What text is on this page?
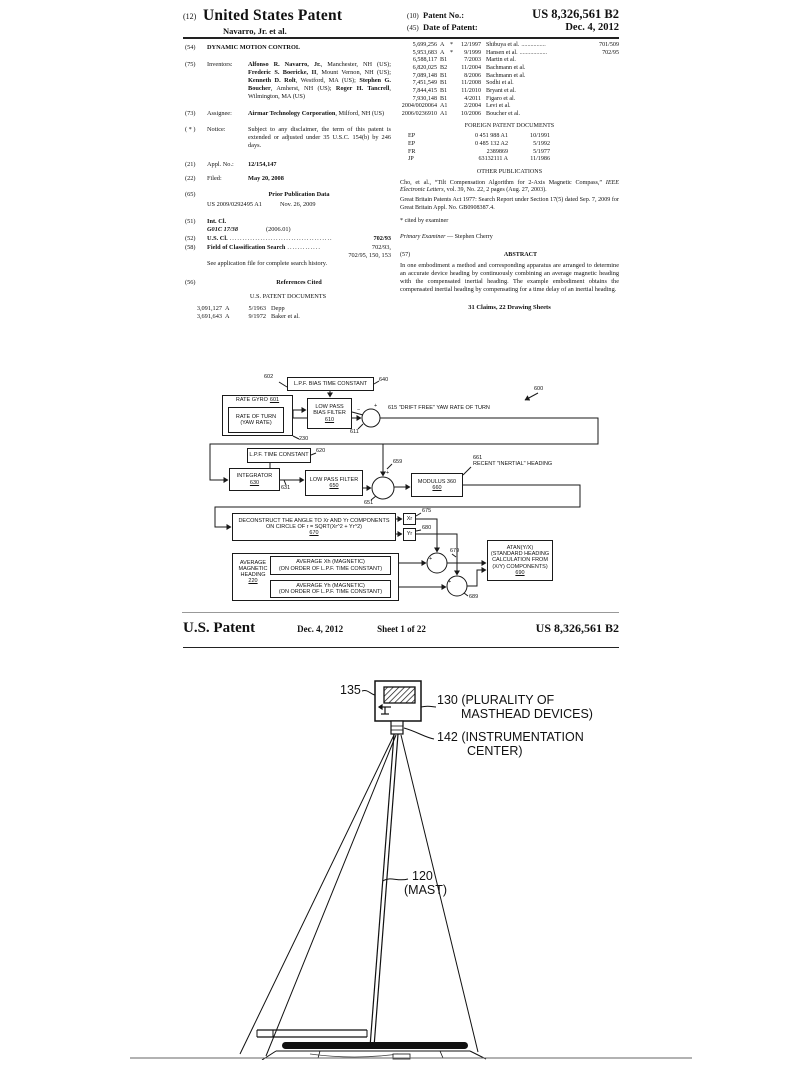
(12) United States Patent
Navarro, Jr. et al.
(10) Patent No.:	US 8,326,561 B2
(45) Date of Patent:	Dec. 4, 2012
(54)	DYNAMIC MOTION CONTROL
(75)	Inventors:	Alfonso R. Navarro, Jr., Manchester, NH (US); Frederic S. Boericke, II, Mount Vernon, NH (US); Kenneth D. Rolt, Westford, MA (US); Stephen G. Boucher, Amherst, NH (US); Roger H. Tancrell, Wilmington, MA (US)
(73)	Assignee:	Airmar Technology Corporation, Milford, NH (US)
( * )	Notice:	Subject to any disclaimer, the term of this patent is extended or adjusted under 35 U.S.C. 154(b) by 246 days.
(21)	Appl. No.:	12/154,147
(22)	Filed:	May 20, 2008
(65)	Prior Publication Data
US 2009/0292495 A1	Nov. 26, 2009
(51)	Int. Cl.
G01C 17/38	(2006.01)
(52)	U.S. Cl. ........................................	702/93
(58)	Field of Classification Search .............	702/93,
702/95, 150, 153
See application file for complete search history.
(56)	References Cited
U.S. PATENT DOCUMENTS
3,091,127 A	5/1963 Depp
3,691,643 A	9/1972 Baker et al.
5,699,256 A *	12/1997 Shibuya et al. ................	701/509
5,953,683 A *	9/1999 Hansen et al. ..................	702/95
6,588,117 B1	7/2003 Martin et al.
6,820,025 B2	11/2004 Bachmann et al.
7,089,148 B1	8/2006 Bachmann et al.
7,451,549 B1	11/2008 Sodhi et al.
7,844,415 B1	11/2010 Bryant et al.
7,930,148 B1	4/2011 Figaro et al.
2004/0020064 A1	2/2004 Levi et al.
2006/0236910 A1	10/2006 Boucher et al.
FOREIGN PATENT DOCUMENTS
EP	0 451 988 A1	10/1991
EP	0 485 132 A2	5/1992
FR	2389869	5/1977
JP	63132111 A	11/1986
OTHER PUBLICATIONS
Cho, et al., “Tilt Compensation Algorithm for 2-Axis Magnetic Compass,” IEEE Electronic Letters, vol. 39, No. 22, 2 pages (Aug. 27, 2003).
Great Britain Patents Act 1977: Search Report under Section 17(5) dated Sep. 7, 2009 for Great Britain Appl. No. GB0908387.4.
* cited by examiner
Primary Examiner — Stephen Cherry
(57)	ABSTRACT
In one embodiment a method and corresponding apparatus are arranged to determine an accurate device heading by continuously combining an average magnetic heading with the compensated inertial heading. The example embodiment obtains the compensated inertial heading by compensating for a time delay of an inertial heading.
31 Claims, 22 Drawing Sheets
−
+
+
+
+
L.P.F. BIAS TIME CONSTANT
RATE GYRO 601
RATE OF TURN
(YAW RATE)
LOW PASS
BIAS FILTER
610
L.P.F. TIME CONSTANT
INTEGRATOR
630	LOW PASS FILTER
650
MODULUS 360
660
DECONSTRUCT THE ANGLE TO Xr AND Yr COMPONENTS
ON CIRCLE OF r = SQRT(Xr^2 + Yr^2)
670
Xr
Yr
AVERAGE
MAGNETIC
HEADING
220
AVERAGE Xh (MAGNETIC)
(ON ORDER OF L.P.F. TIME CONSTANT)
AVERAGE Yh (MAGNETIC)
(ON ORDER OF L.P.F. TIME CONSTANT)
ATAN(Y/X)
(STANDARD HEADING
CALCULATION FROM
(X/Y) COMPONENTS)
690
602	640
230
611
615 "DRIFT FREE" YAW RATE OF TURN
600
620
631
651
659
661
RECENT "INERTIAL" HEADING
675
680
679
689
U.S. Patent	Dec. 4, 2012	Sheet 1 of 22	US 8,326,561 B2
135
130 (PLURALITY OF
MASTHEAD DEVICES)
142 (INSTRUMENTATION
CENTER)
120
(MAST)
